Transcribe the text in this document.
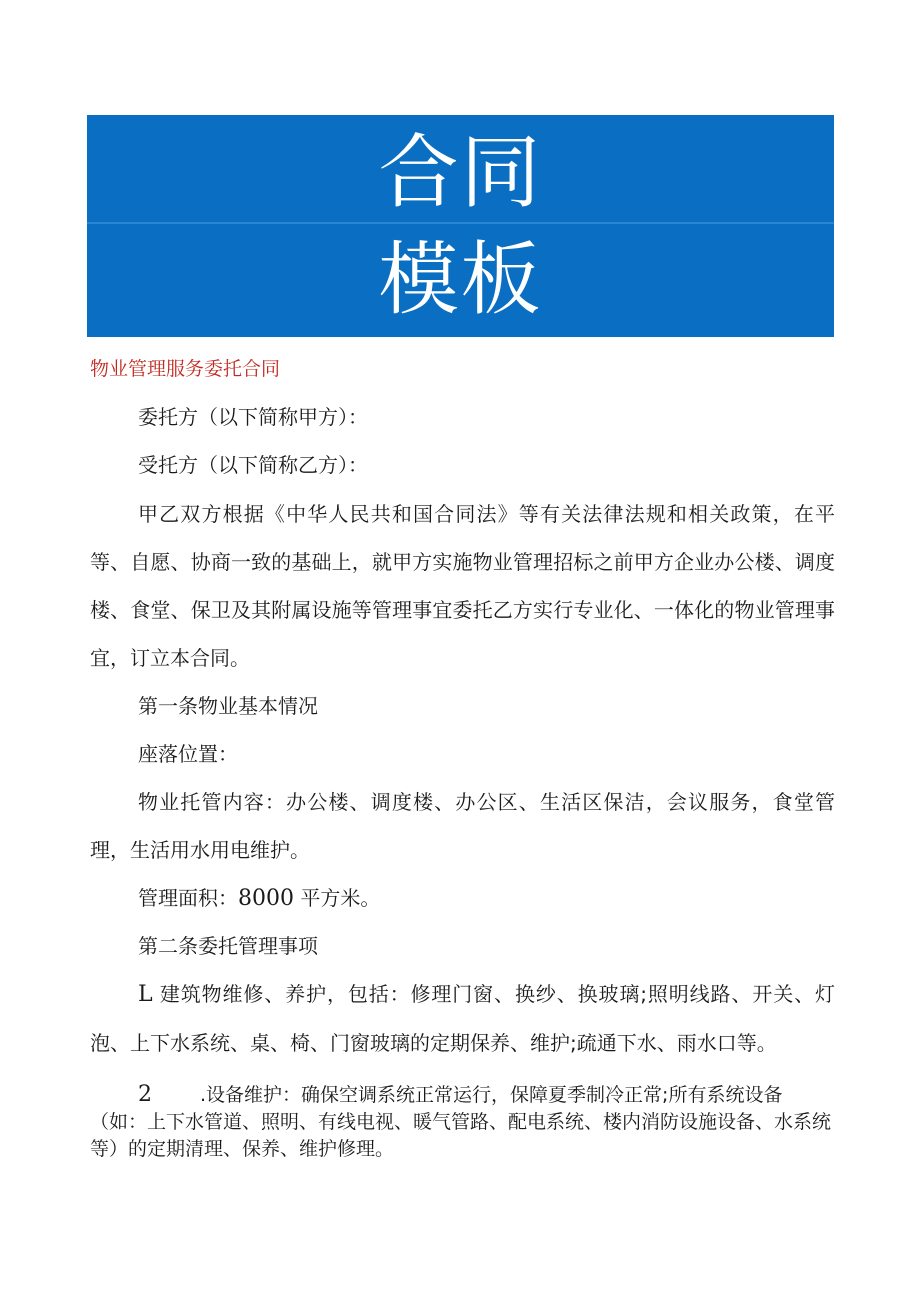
合同
模板
物业管理服务委托合同

委托方（以下简称甲方）：

受托方（以下简称乙方）：

甲乙双方根据《中华人民共和国合同法》等有关法律法规和相关政策，在平等、自愿、协商一致的基础上，就甲方实施物业管理招标之前甲方企业办公楼、调度楼、食堂、保卫及其附属设施等管理事宜委托乙方实行专业化、一体化的物业管理事宜，订立本合同。

第一条物业基本情况

座落位置：

物业托管内容：办公楼、调度楼、办公区、生活区保洁，会议服务，食堂管理，生活用水用电维护。

管理面积：8000 平方米。

第二条委托管理事项

L 建筑物维修、养护，包括：修理门窗、换纱、换玻璃;照明线路、开关、灯泡、上下水系统、桌、椅、门窗玻璃的定期保养、维护;疏通下水、雨水口等。

2	.设备维护：确保空调系统正常运行，保障夏季制冷正常;所有系统设备（如：上下水管道、照明、有线电视、暖气管路、配电系统、楼内消防设施设备、水系统等）的定期清理、保养、维护修理。
